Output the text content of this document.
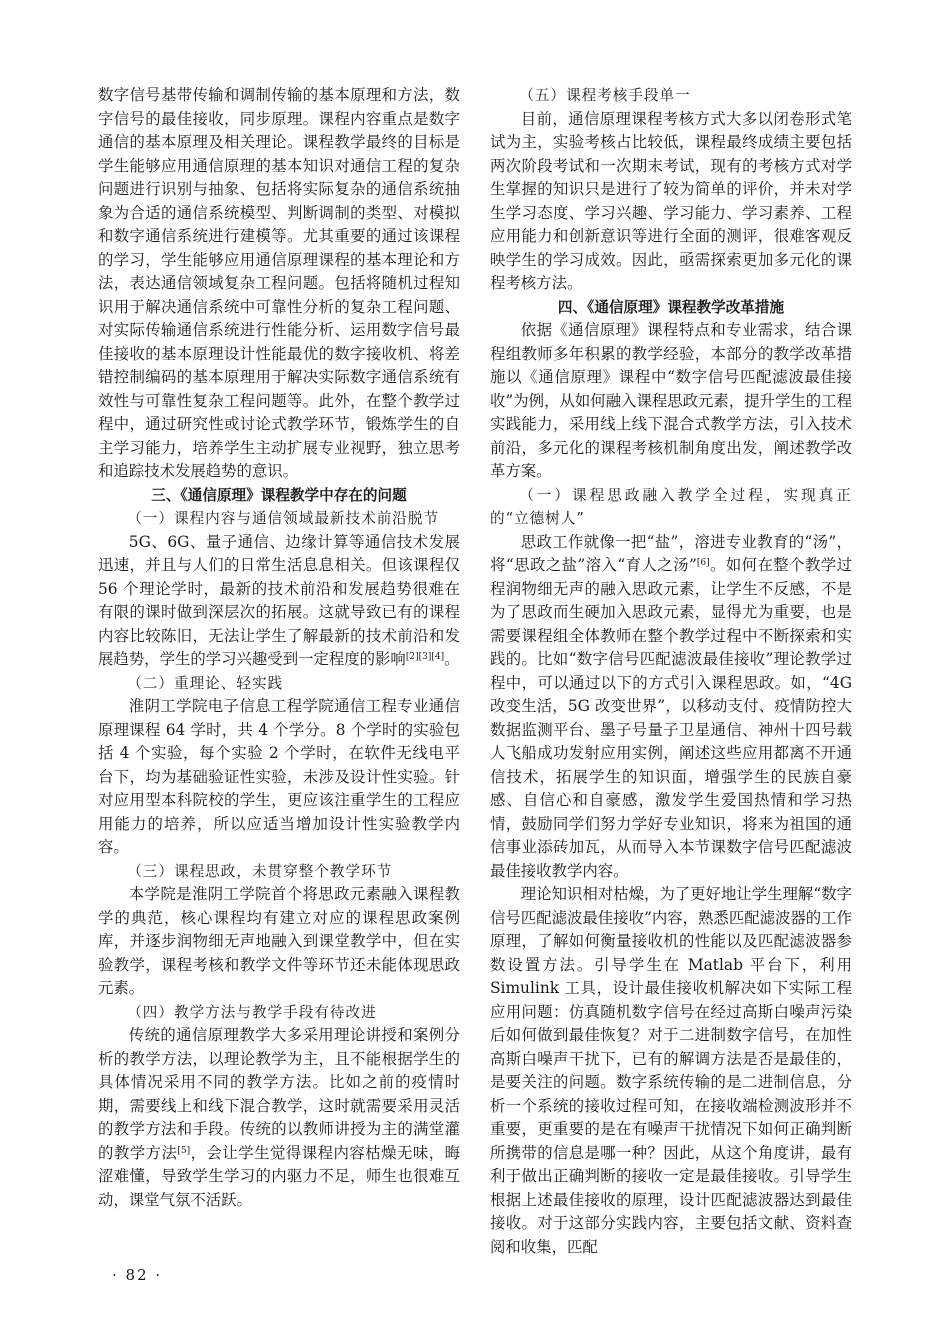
数字信号基带传输和调制传输的基本原理和方法，数字信号的最佳接收，同步原理。课程内容重点是数字通信的基本原理及相关理论。课程教学最终的目标是学生能够应用通信原理的基本知识对通信工程的复杂问题进行识别与抽象、包括将实际复杂的通信系统抽象为合适的通信系统模型、判断调制的类型、对模拟和数字通信系统进行建模等。尤其重要的通过该课程的学习，学生能够应用通信原理课程的基本理论和方法，表达通信领域复杂工程问题。包括将随机过程知识用于解决通信系统中可靠性分析的复杂工程问题、对实际传输通信系统进行性能分析、运用数字信号最佳接收的基本原理设计性能最优的数字接收机、将差错控制编码的基本原理用于解决实际数字通信系统有效性与可靠性复杂工程问题等。此外，在整个教学过程中，通过研究性或讨论式教学环节，锻炼学生的自主学习能力，培养学生主动扩展专业视野，独立思考和追踪技术发展趋势的意识。

三、《通信原理》课程教学中存在的问题

（一）课程内容与通信领域最新技术前沿脱节

5G、6G、量子通信、边缘计算等通信技术发展迅速，并且与人们的日常生活息息相关。但该课程仅 56 个理论学时，最新的技术前沿和发展趋势很难在有限的课时做到深层次的拓展。这就导致已有的课程内容比较陈旧，无法让学生了解最新的技术前沿和发展趋势，学生的学习兴趣受到一定程度的影响[2][3][4]。

（二）重理论、轻实践

淮阴工学院电子信息工程学院通信工程专业通信原理课程 64 学时，共 4 个学分。8 个学时的实验包括 4 个实验，每个实验 2 个学时，在软件无线电平台下，均为基础验证性实验，未涉及设计性实验。针对应用型本科院校的学生，更应该注重学生的工程应用能力的培养，所以应适当增加设计性实验教学内容。

（三）课程思政，未贯穿整个教学环节

本学院是淮阴工学院首个将思政元素融入课程教学的典范，核心课程均有建立对应的课程思政案例库，并逐步润物细无声地融入到课堂教学中，但在实验教学，课程考核和教学文件等环节还未能体现思政元素。

（四）教学方法与教学手段有待改进

传统的通信原理教学大多采用理论讲授和案例分析的教学方法，以理论教学为主，且不能根据学生的具体情况采用不同的教学方法。比如之前的疫情时期，需要线上和线下混合教学，这时就需要采用灵活的教学方法和手段。传统的以教师讲授为主的满堂灌的教学方法[5]，会让学生觉得课程内容枯燥无味，晦涩难懂，导致学生学习的内驱力不足，师生也很难互动，课堂气氛不活跃。

（五）课程考核手段单一

目前，通信原理课程考核方式大多以闭卷形式笔试为主，实验考核占比较低，课程最终成绩主要包括两次阶段考试和一次期末考试，现有的考核方式对学生掌握的知识只是进行了较为简单的评价，并未对学生学习态度、学习兴趣、学习能力、学习素养、工程应用能力和创新意识等进行全面的测评，很难客观反映学生的学习成效。因此，亟需探索更加多元化的课程考核方法。

四、《通信原理》课程教学改革措施

依据《通信原理》课程特点和专业需求，结合课程组教师多年积累的教学经验，本部分的教学改革措施以《通信原理》课程中“数字信号匹配滤波最佳接收”为例，从如何融入课程思政元素，提升学生的工程实践能力，采用线上线下混合式教学方法，引入技术前沿，多元化的课程考核机制角度出发，阐述教学改革方案。

（一）课程思政融入教学全过程，实现真正的“立德树人”

思政工作就像一把“盐”，溶进专业教育的“汤”，将“思政之盐”溶入“育人之汤”[6]。如何在整个教学过程润物细无声的融入思政元素，让学生不反感，不是为了思政而生硬加入思政元素，显得尤为重要，也是需要课程组全体教师在整个教学过程中不断探索和实践的。比如“数字信号匹配滤波最佳接收”理论教学过程中，可以通过以下的方式引入课程思政。如，“4G 改变生活，5G 改变世界”，以移动支付、疫情防控大数据监测平台、墨子号量子卫星通信、神州十四号载人飞船成功发射应用实例，阐述这些应用都离不开通信技术，拓展学生的知识面，增强学生的民族自豪感、自信心和自豪感，激发学生爱国热情和学习热情，鼓励同学们努力学好专业知识，将来为祖国的通信事业添砖加瓦，从而导入本节课数字信号匹配滤波最佳接收教学内容。

理论知识相对枯燥，为了更好地让学生理解“数字信号匹配滤波最佳接收”内容，熟悉匹配滤波器的工作原理，了解如何衡量接收机的性能以及匹配滤波器参数设置方法。引导学生在 Matlab 平台下，利用 Simulink 工具，设计最佳接收机解决如下实际工程应用问题：仿真随机数字信号在经过高斯白噪声污染后如何做到最佳恢复？对于二进制数字信号，在加性高斯白噪声干扰下，已有的解调方法是否是最佳的，是要关注的问题。数字系统传输的是二进制信息，分析一个系统的接收过程可知，在接收端检测波形并不重要，更重要的是在有噪声干扰情况下如何正确判断所携带的信息是哪一种？因此，从这个角度讲，最有利于做出正确判断的接收一定是最佳接收。引导学生根据上述最佳接收的原理，设计匹配滤波器达到最佳接收。对于这部分实践内容，主要包括文献、资料查阅和收集，匹配

· 82 ·
